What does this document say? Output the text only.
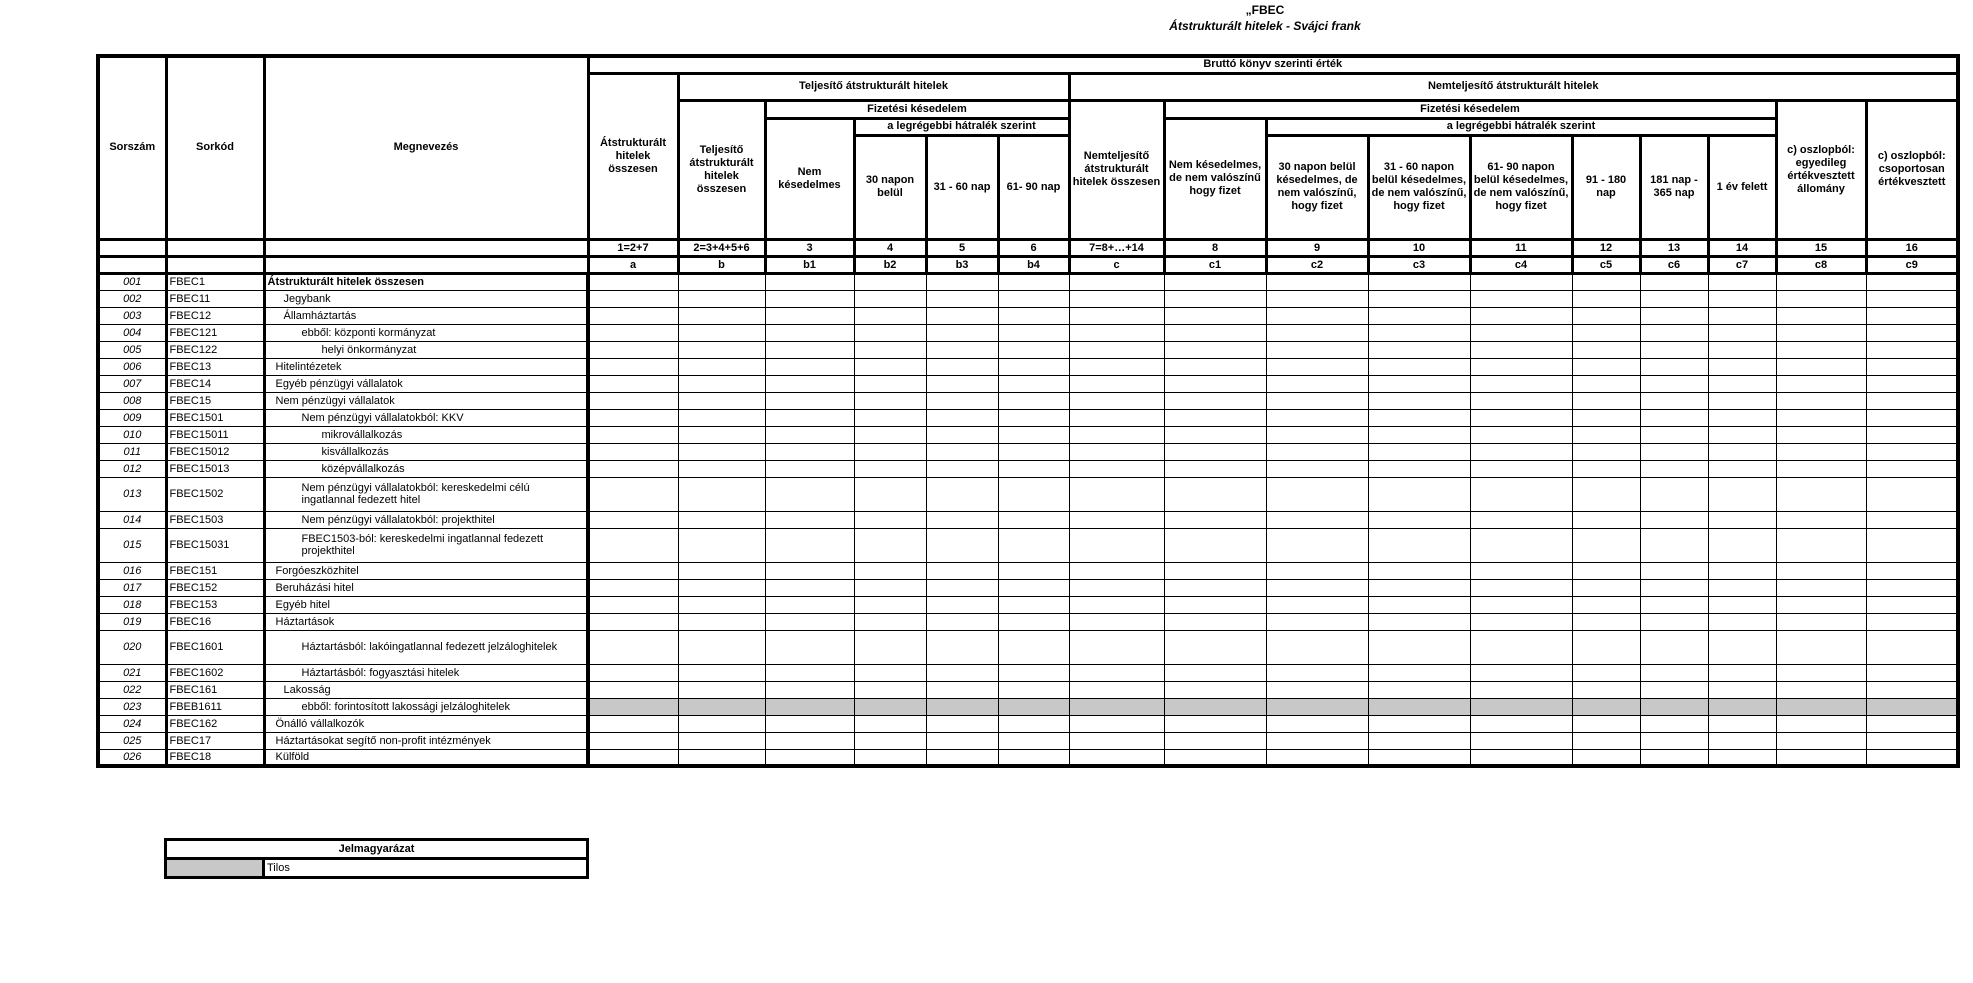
„FBEC
Átstrukturált hitelek - Svájci frank
Sorszám	Sorkód	Megnevezés	Bruttó könyv szerinti érték															
			Átstrukturált hitelek összesen	Teljesítő átstrukturált hitelek					Nemteljesítő átstrukturált hitelek									
				Teljesítő átstrukturált hitelek összesen	Fizetési késedelem				Nemteljesítő átstrukturált hitelek összesen	Fizetési késedelem							c) oszlopból: egyedileg értékvesztett állomány	c) oszlopból: csoportosan értékvesztett
					Nem késedelmes	a legrégebbi hátralék szerint				Nem késedelmes, de nem valószínű hogy fizet	a legrégebbi hátralék szerint							
						30 napon belül	31 - 60 nap	61- 90 nap			30 napon belül késedelmes, de nem valószínű, hogy fizet	31 - 60 napon belül késedelmes, de nem valószínű, hogy fizet	61- 90 napon belül késedelmes, de nem valószínű, hogy fizet	91 - 180 nap	181 nap - 365 nap	1 év felett		
			1=2+7	2=3+4+5+6	3	4	5	6	7=8+…+14	8	9	10	11	12	13	14	15	16
			a	b	b1	b2	b3	b4	c	c1	c2	c3	c4	c5	c6	c7	c8	c9
001	FBEC1	Átstrukturált hitelek összesen																
002	FBEC11	Jegybank																
003	FBEC12	Államháztartás																
004	FBEC121	ebből: központi kormányzat																
005	FBEC122	helyi önkormányzat																
006	FBEC13	Hitelintézetek																
007	FBEC14	Egyéb pénzügyi vállalatok																
008	FBEC15	Nem pénzügyi vállalatok																
009	FBEC1501	Nem pénzügyi vállalatokból: KKV																
010	FBEC15011	mikrovállalkozás																
011	FBEC15012	kisvállalkozás																
012	FBEC15013	középvállalkozás																
013	FBEC1502	Nem pénzügyi vállalatokból: kereskedelmi célú ingatlannal fedezett hitel																
014	FBEC1503	Nem pénzügyi vállalatokból: projekthitel																
015	FBEC15031	FBEC1503-ból: kereskedelmi ingatlannal fedezett projekthitel																
016	FBEC151	Forgóeszközhitel																
017	FBEC152	Beruházási hitel																
018	FBEC153	Egyéb hitel																
019	FBEC16	Háztartások																
020	FBEC1601	Háztartásból: lakóingatlannal fedezett jelzáloghitelek																
021	FBEC1602	Háztartásból: fogyasztási hitelek																
022	FBEC161	Lakosság																
023	FBEB1611	ebből: forintosított lakossági jelzáloghitelek																
024	FBEC162	Önálló vállalkozók																
025	FBEC17	Háztartásokat segítő non-profit intézmények																
026	FBEC18	Külföld																
Jelmagyarázat
	Tilos
